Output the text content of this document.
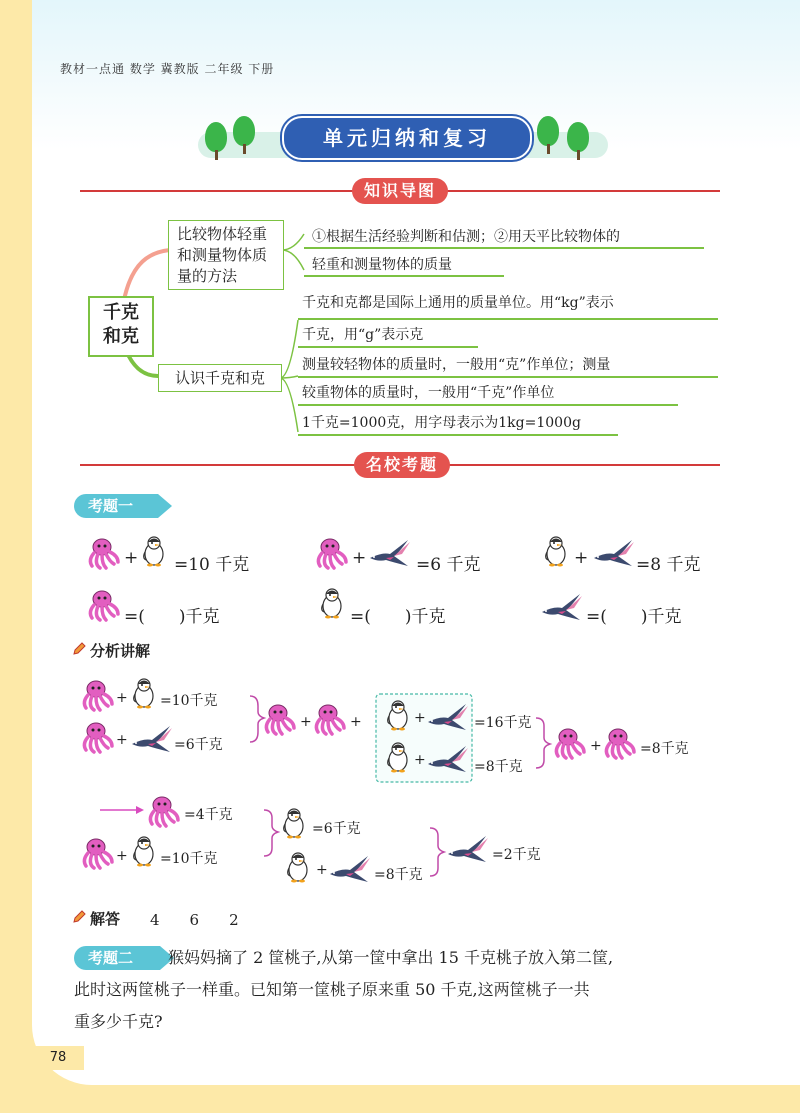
教材一点通 数学 冀教版 二年级 下册
单元归纳和复习
知识导图
千克
和克
比较物体轻重
和测量物体质
量的方法
认识千克和克
①根据生活经验判断和估测；②用天平比较物体的
轻重和测量物体的质量
千克和克都是国际上通用的质量单位。用“kg”表示
千克，用“g”表示克
测量较轻物体的质量时，一般用“克”作单位；测量
较重物体的质量时，一般用“千克”作单位
1千克=1000克，用字母表示为1kg=1000g
名校考题
考题一
+ =10 千克	+	=6 千克	+	=8 千克
=(　　)千克	=(　　)千克	=(　　)千克
分析讲解
+ =10千克
+	=6千克
+	+	+	=16千克
+	=8千克
+	=8千克
=4千克
+ =10千克
=6千克
+	=8千克
=2千克
解答 4　　6　　2
考题二	猴妈妈摘了 2 筐桃子,从第一筐中拿出 15 千克桃子放入第二筐,
此时这两筐桃子一样重。已知第一筐桃子原来重 50 千克,这两筐桃子一共
重多少千克?
78
